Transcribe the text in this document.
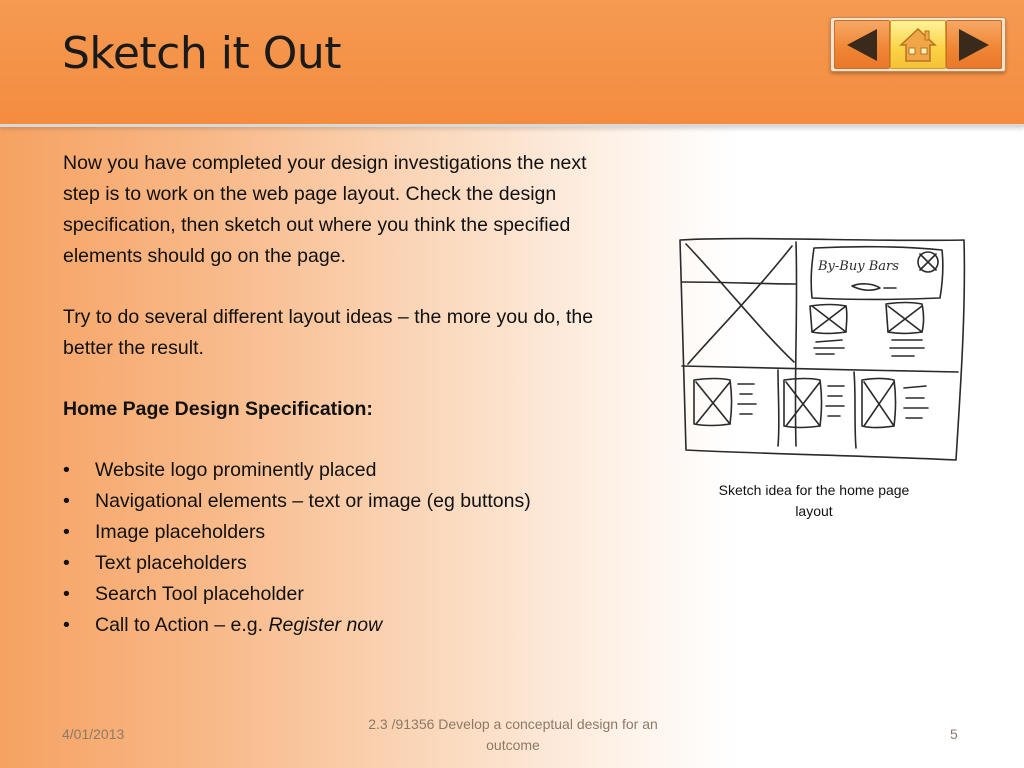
Sketch it Out

Now you have completed your design investigations the next step is to work on the web page layout. Check the design specification, then sketch out where you think the specified elements should go on the page.

Try to do several different layout ideas – the more you do, the better the result.

Home Page Design Specification:
• Website logo prominently placed
• Navigational elements – text or image (eg buttons)
• Image placeholders
• Text placeholders
• Search Tool placeholder
• Call to Action – e.g. Register now
By-Buy Bars
Sketch idea for the home page layout
4/01/2013
2.3 /91356 Develop a conceptual design for an outcome
5
